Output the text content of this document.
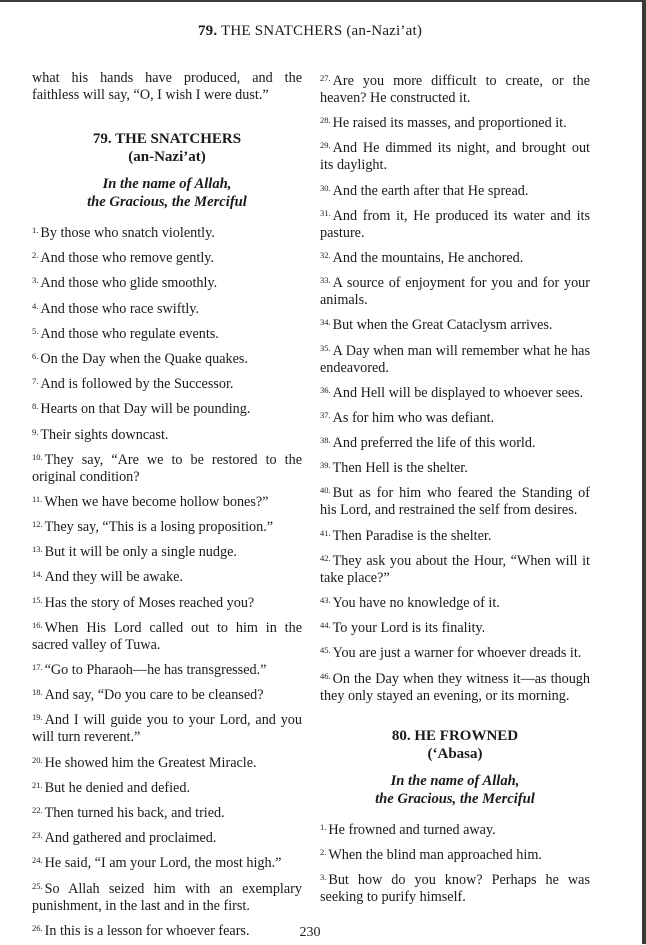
79. THE SNATCHERS (an-Nazi’at)

what his hands have produced, and the faithless will say, “O, I wish I were dust.”

79. THE SNATCHERS
(an-Nazi’at)
In the name of Allah,
the Gracious, the Merciful

$^{1.}$ By those who snatch violently.

$^{2.}$ And those who remove gently.

$^{3.}$ And those who glide smoothly.

$^{4.}$ And those who race swiftly.

$^{5.}$ And those who regulate events.

$^{6.}$ On the Day when the Quake quakes.

$^{7.}$ And is followed by the Successor.

$^{8.}$ Hearts on that Day will be pounding.

$^{9.}$ Their sights downcast.

$^{10.}$ They say, “Are we to be restored to the original condition?

$^{11.}$ When we have become hollow bones?”

$^{12.}$ They say, “This is a losing proposition.”

$^{13.}$ But it will be only a single nudge.

$^{14.}$ And they will be awake.

$^{15.}$ Has the story of Moses reached you?

$^{16.}$ When His Lord called out to him in the sacred valley of Tuwa.

$^{17.}$ “Go to Pharaoh—he has transgressed.”

$^{18.}$ And say, “Do you care to be cleansed?

$^{19.}$ And I will guide you to your Lord, and you will turn reverent.”

$^{20.}$ He showed him the Greatest Miracle.

$^{21.}$ But he denied and defied.

$^{22.}$ Then turned his back, and tried.

$^{23.}$ And gathered and proclaimed.

$^{24.}$ He said, “I am your Lord, the most high.”

$^{25.}$ So Allah seized him with an exemplary punishment, in the last and in the first.

$^{26.}$ In this is a lesson for whoever fears.

$^{27.}$ Are you more difficult to create, or the heaven? He constructed it.

$^{28.}$ He raised its masses, and proportioned it.

$^{29.}$ And He dimmed its night, and brought out its daylight.

$^{30.}$ And the earth after that He spread.

$^{31.}$ And from it, He produced its water and its pasture.

$^{32.}$ And the mountains, He anchored.

$^{33.}$ A source of enjoyment for you and for your animals.

$^{34.}$ But when the Great Cataclysm arrives.

$^{35.}$ A Day when man will remember what he has endeavored.

$^{36.}$ And Hell will be displayed to whoever sees.

$^{37.}$ As for him who was defiant.

$^{38.}$ And preferred the life of this world.

$^{39.}$ Then Hell is the shelter.

$^{40.}$ But as for him who feared the Standing of his Lord, and restrained the self from desires.

$^{41.}$ Then Paradise is the shelter.

$^{42.}$ They ask you about the Hour, “When will it take place?”

$^{43.}$ You have no knowledge of it.

$^{44.}$ To your Lord is its finality.

$^{45.}$ You are just a warner for whoever dreads it.

$^{46.}$ On the Day when they witness it—as though they only stayed an evening, or its morning.

80. HE FROWNED
(‘Abasa)
In the name of Allah,
the Gracious, the Merciful

$^{1.}$ He frowned and turned away.

$^{2.}$ When the blind man approached him.

$^{3.}$ But how do you know? Perhaps he was seeking to purify himself.

230
